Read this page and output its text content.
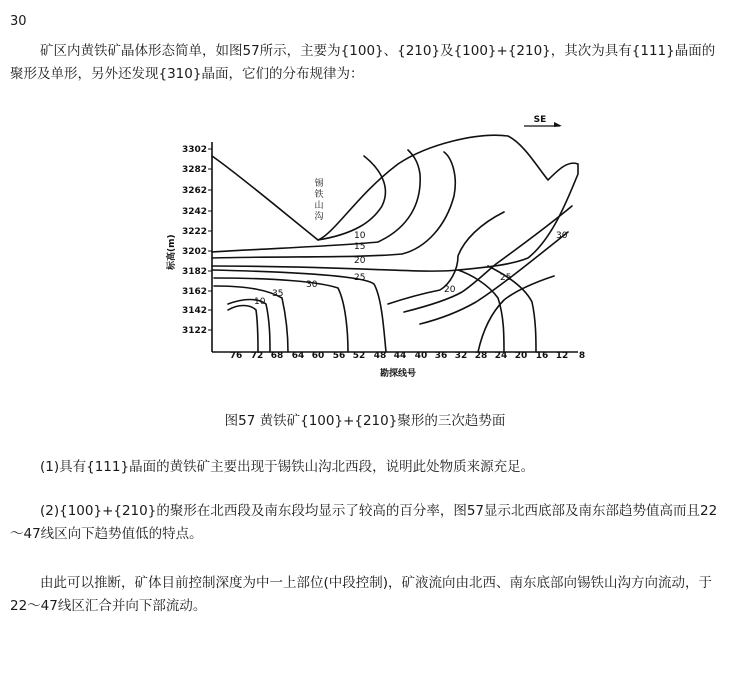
30

矿区内黄铁矿晶体形态简单，如图57所示，主要为{100}、{210}及{100}+{210}，其次为具有{111}晶面的聚形及单形，另外还发现{310}晶面，它们的分布规律为：

3302
3282
3262
3242
3222
3202
3182
3162
3142
3122
标高(m)
76 72 68 64 60 56 52 48 44 40 36 32 28 24 20 16 12 8
勘探线号
SE
锡
铁
山
沟
10
15
20
25
30
35
10
20
25
30
图57 黄铁矿{100}+{210}聚形的三次趋势面

(1)具有{111}晶面的黄铁矿主要出现于锡铁山沟北西段，说明此处物质来源充足。

(2){100}+{210}的聚形在北西段及南东段均显示了较高的百分率，图57显示北西底部及南东部趋势值高而且22～47线区向下趋势值低的特点。

由此可以推断，矿体目前控制深度为中一上部位(中段控制)，矿液流向由北西、南东底部向锡铁山沟方向流动，于22～47线区汇合并向下部流动。
